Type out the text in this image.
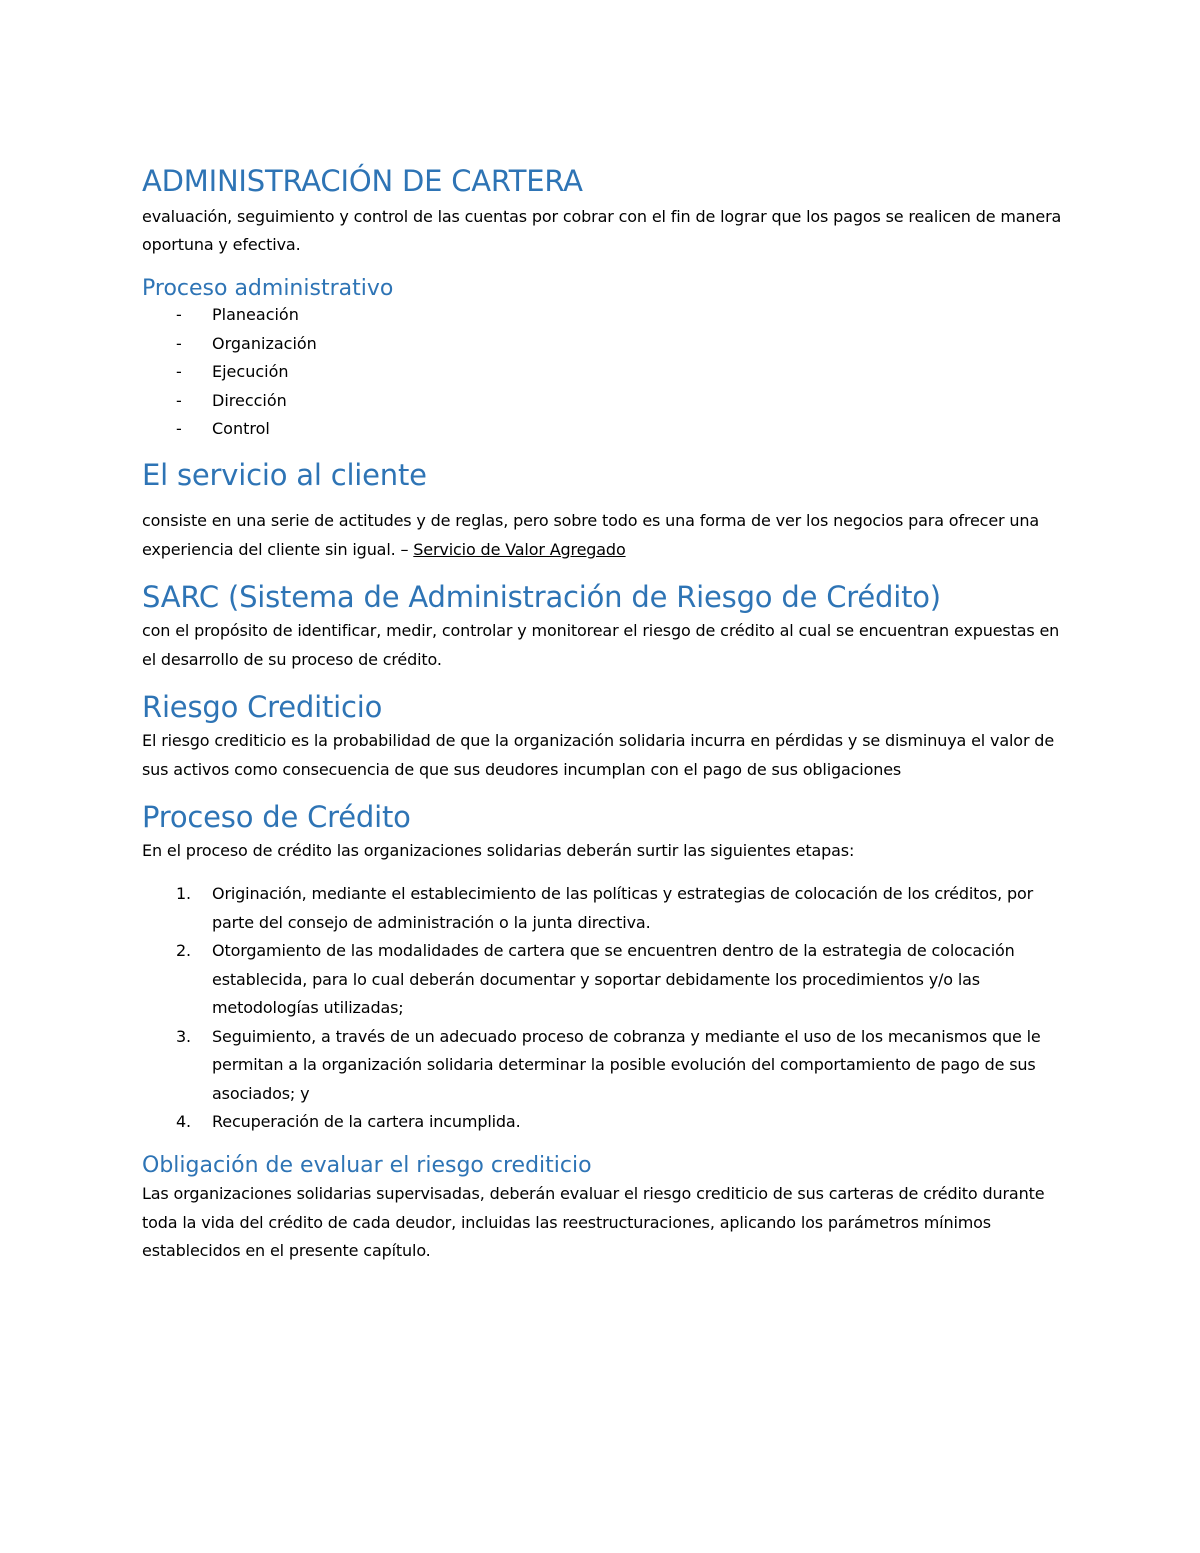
ADMINISTRACIÓN DE CARTERA

evaluación, seguimiento y control de las cuentas por cobrar con el fin de lograr que los pagos se realicen de manera oportuna y efectiva.

Proceso administrativo
- Planeación
- Organización
- Ejecución
- Dirección
- Control
El servicio al cliente

consiste en una serie de actitudes y de reglas, pero sobre todo es una forma de ver los negocios para ofrecer una experiencia del cliente sin igual. – Servicio de Valor Agregado

SARC (Sistema de Administración de Riesgo de Crédito)

con el propósito de identificar, medir, controlar y monitorear el riesgo de crédito al cual se encuentran expuestas en el desarrollo de su proceso de crédito.

Riesgo Crediticio

El riesgo crediticio es la probabilidad de que la organización solidaria incurra en pérdidas y se disminuya el valor de sus activos como consecuencia de que sus deudores incumplan con el pago de sus obligaciones

Proceso de Crédito

En el proceso de crédito las organizaciones solidarias deberán surtir las siguientes etapas:

1. Originación, mediante el establecimiento de las políticas y estrategias de colocación de los créditos, por parte del consejo de administración o la junta directiva.
2. Otorgamiento de las modalidades de cartera que se encuentren dentro de la estrategia de colocación establecida, para lo cual deberán documentar y soportar debidamente los procedimientos y/o las metodologías utilizadas;
3. Seguimiento, a través de un adecuado proceso de cobranza y mediante el uso de los mecanismos que le permitan a la organización solidaria determinar la posible evolución del comportamiento de pago de sus asociados; y
4. Recuperación de la cartera incumplida.
Obligación de evaluar el riesgo crediticio

Las organizaciones solidarias supervisadas, deberán evaluar el riesgo crediticio de sus carteras de crédito durante toda la vida del crédito de cada deudor, incluidas las reestructuraciones, aplicando los parámetros mínimos establecidos en el presente capítulo.
